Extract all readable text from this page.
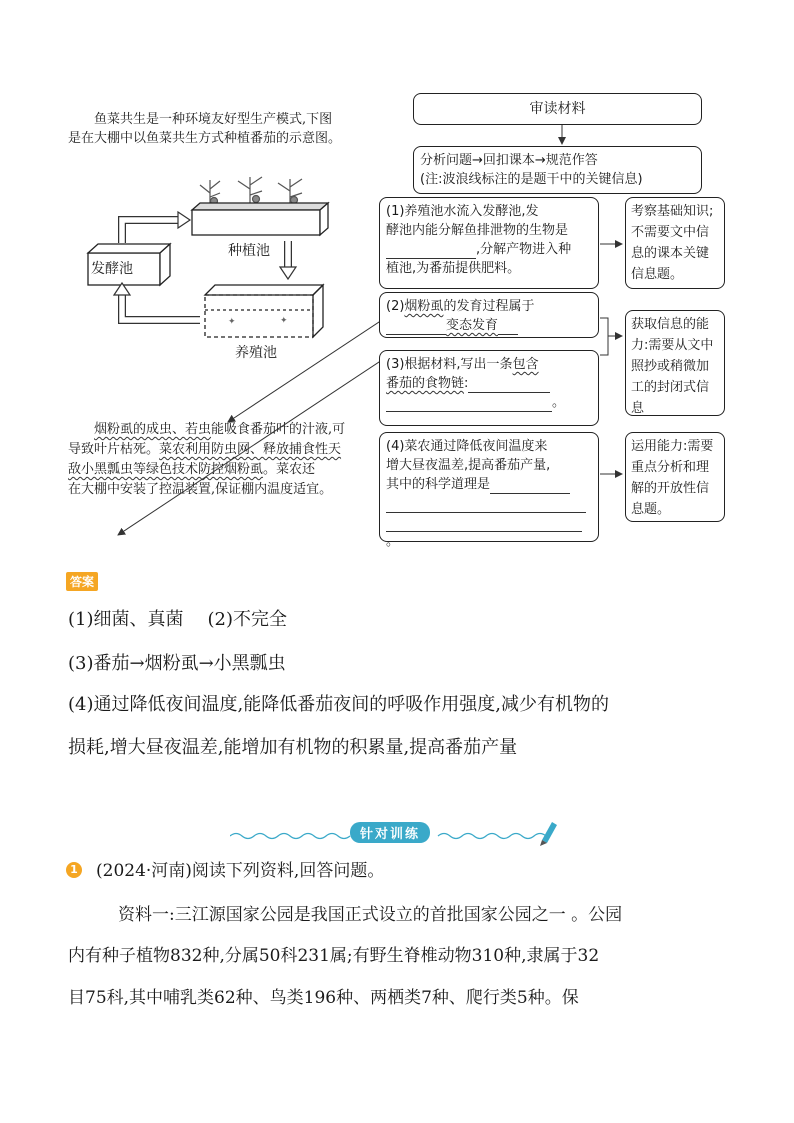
鱼菜共生是一种环境友好型生产模式,下图
是在大棚中以鱼菜共生方式种植番茄的示意图。
✦	✦
发酵池
种植池
养殖池
烟粉虱的成虫、若虫能吸食番茄叶的汁液,可
导致叶片枯死。菜农利用防虫网、释放捕食性天
敌小黑瓢虫等绿色技术防控烟粉虱。菜农还
在大棚中安装了控温装置,保证棚内温度适宜。
审读材料
分析问题→回扣课本→规范作答
(注:波浪线标注的是题干中的关键信息)
(1)养殖池水流入发酵池,发
酵池内能分解鱼排泄物的生物是
,分解产物进入种
植池,为番茄提供肥料。
(2)烟粉虱的发育过程属于
变态发育
(3)根据材料,写出一条包含
番茄的食物链:
。
(4)菜农通过降低夜间温度来
增大昼夜温差,提高番茄产量,
其中的科学道理是
。
考察基础知识;不需要文中信息的课本关键信息题。
获取信息的能力:需要从文中照抄或稍微加工的封闭式信息
运用能力:需要重点分析和理解的开放性信息题。
答案
(1)细菌、真菌 (2)不完全
(3)番茄→烟粉虱→小黑瓢虫
(4)通过降低夜间温度,能降低番茄夜间的呼吸作用强度,减少有机物的
损耗,增大昼夜温差,能增加有机物的积累量,提高番茄产量
针对训练
1 (2024·河南)阅读下列资料,回答问题。
资料一:三江源国家公园是我国正式设立的首批国家公园之一 。公园
内有种子植物832种,分属50科231属;有野生脊椎动物310种,隶属于32
目75科,其中哺乳类62种、鸟类196种、两栖类7种、爬行类5种。保
